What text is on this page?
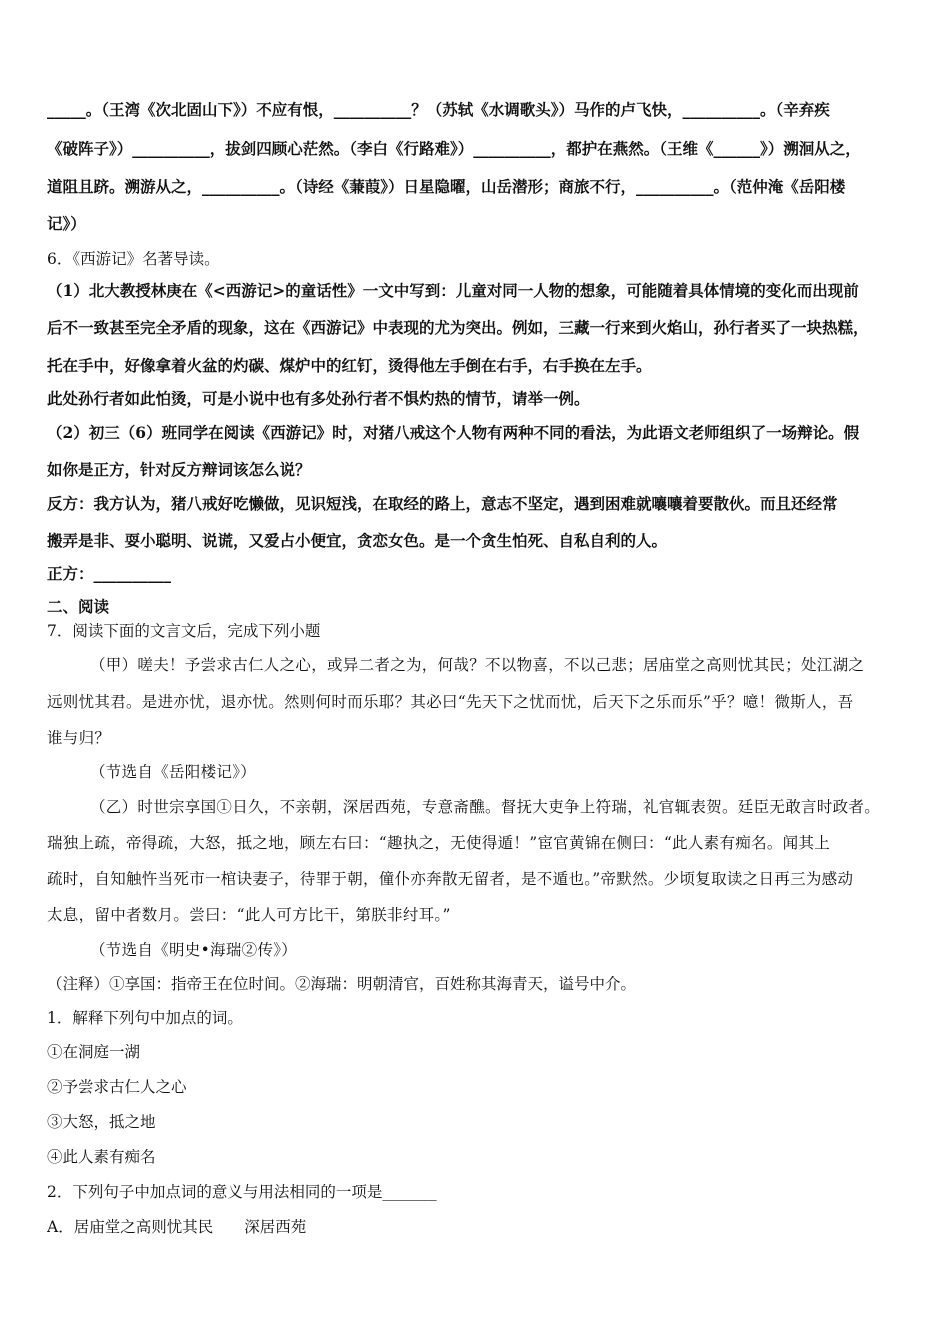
_____。（王湾《次北固山下》）不应有恨，__________？（苏轼《水调歌头》）马作的卢飞快，__________。（辛弃疾
《破阵子》）__________，拔剑四顾心茫然。（李白《行路难》）__________，都护在燕然。（王维《______》）溯洄从之，
道阻且跻。溯游从之，__________。（诗经《蒹葭》）日星隐曜，山岳潜形；商旅不行，__________。（范仲淹《岳阳楼
记》）
6．《西游记》名著导读。
（1）北大教授林庚在《<西游记>的童话性》一文中写到：儿童对同一人物的想象，可能随着具体情境的变化而出现前
后不一致甚至完全矛盾的现象，这在《西游记》中表现的尤为突出。例如，三藏一行来到火焰山，孙行者买了一块热糕，
托在手中，好像拿着火盆的灼碳、煤炉中的红钉，烫得他左手倒在右手，右手换在左手。
此处孙行者如此怕烫，可是小说中也有多处孙行者不惧灼热的情节，请举一例。
（2）初三（6）班同学在阅读《西游记》时，对猪八戒这个人物有两种不同的看法，为此语文老师组织了一场辩论。假
如你是正方，针对反方辩词该怎么说？
反方：我方认为，猪八戒好吃懒做，见识短浅，在取经的路上，意志不坚定，遇到困难就嚷嚷着要散伙。而且还经常
搬弄是非、耍小聪明、说谎，又爱占小便宜，贪恋女色。是一个贪生怕死、自私自利的人。
正方：__________
二、阅读
7．阅读下面的文言文后，完成下列小题
（甲）嗟夫！予尝求古仁人之心，或异二者之为，何哉？不以物喜，不以己悲；居庙堂之高则忧其民；处江湖之
远则忧其君。是进亦忧，退亦忧。然则何时而乐耶？其必曰“先天下之忧而忧，后天下之乐而乐”乎？噫！微斯人，吾
谁与归？
（节选自《岳阳楼记》）
（乙）时世宗享国①日久，不亲朝，深居西苑，专意斋醮。督抚大吏争上符瑞，礼官辄表贺。廷臣无敢言时政者。
瑞独上疏，帝得疏，大怒，抵之地，顾左右曰：“趣执之，无使得遁！”宦官黄锦在侧曰：“此人素有痴名。闻其上
疏时，自知触忤当死市一棺诀妻子，待罪于朝，僮仆亦奔散无留者，是不遁也。”帝默然。少顷复取读之日再三为感动
太息，留中者数月。尝曰：“此人可方比干，第朕非纣耳。”
（节选自《明史•海瑞②传》）
（注释）①享国：指帝王在位时间。②海瑞：明朝清官，百姓称其海青天，谥号中介。
1．解释下列句中加点的词。
①在洞庭一湖
②予尝求古仁人之心
③大怒，抵之地
④此人素有痴名
2．下列句子中加点词的意义与用法相同的一项是_______
A．居庙堂之高则忧其民　　深居西苑
